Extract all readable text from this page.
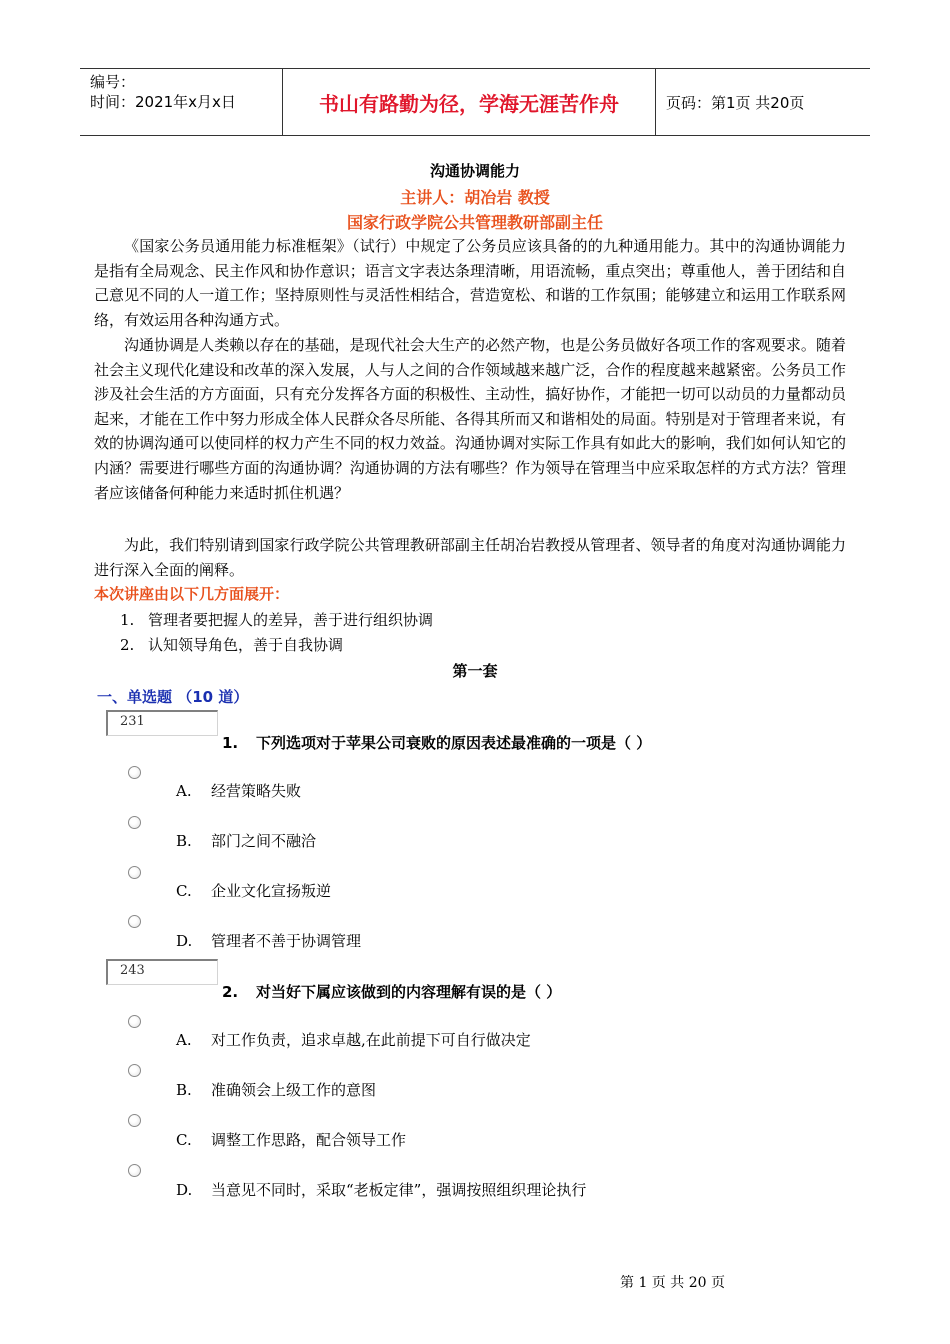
编号：
时间：2021年x月x日	书山有路勤为径，学海无涯苦作舟	页码：第1页 共20页
沟通协调能力
主讲人：胡冶岩 教授
国家行政学院公共管理教研部副主任

《国家公务员通用能力标准框架》（试行）中规定了公务员应该具备的的九种通用能力。其中的沟通协调能力是指有全局观念、民主作风和协作意识；语言文字表达条理清晰，用语流畅，重点突出；尊重他人，善于团结和自己意见不同的人一道工作；坚持原则性与灵活性相结合，营造宽松、和谐的工作氛围；能够建立和运用工作联系网络，有效运用各种沟通方式。

沟通协调是人类赖以存在的基础，是现代社会大生产的必然产物，也是公务员做好各项工作的客观要求。随着社会主义现代化建设和改革的深入发展，人与人之间的合作领域越来越广泛，合作的程度越来越紧密。公务员工作涉及社会生活的方方面面，只有充分发挥各方面的积极性、主动性，搞好协作，才能把一切可以动员的力量都动员起来，才能在工作中努力形成全体人民群众各尽所能、各得其所而又和谐相处的局面。特别是对于管理者来说，有效的协调沟通可以使同样的权力产生不同的权力效益。沟通协调对实际工作具有如此大的影响，我们如何认知它的内涵？需要进行哪些方面的沟通协调？沟通协调的方法有哪些？作为领导在管理当中应采取怎样的方式方法？管理者应该储备何种能力来适时抓住机遇？

为此，我们特别请到国家行政学院公共管理教研部副主任胡冶岩教授从管理者、领导者的角度对沟通协调能力进行深入全面的阐释。

本次讲座由以下几方面展开：
1. 管理者要把握人的差异，善于进行组织协调
2. 认知领导角色，善于自我协调
第一套
一、单选题 （10 道）
231
1. 下列选项对于苹果公司衰败的原因表述最准确的一项是（ ）
A. 经营策略失败
B. 部门之间不融洽
C. 企业文化宣扬叛逆
D. 管理者不善于协调管理
243
2. 对当好下属应该做到的内容理解有误的是（ ）
A. 对工作负责，追求卓越,在此前提下可自行做决定
B. 准确领会上级工作的意图
C. 调整工作思路，配合领导工作
D. 当意见不同时，采取“老板定律”，强调按照组织理论执行
第 1 页 共 20 页
